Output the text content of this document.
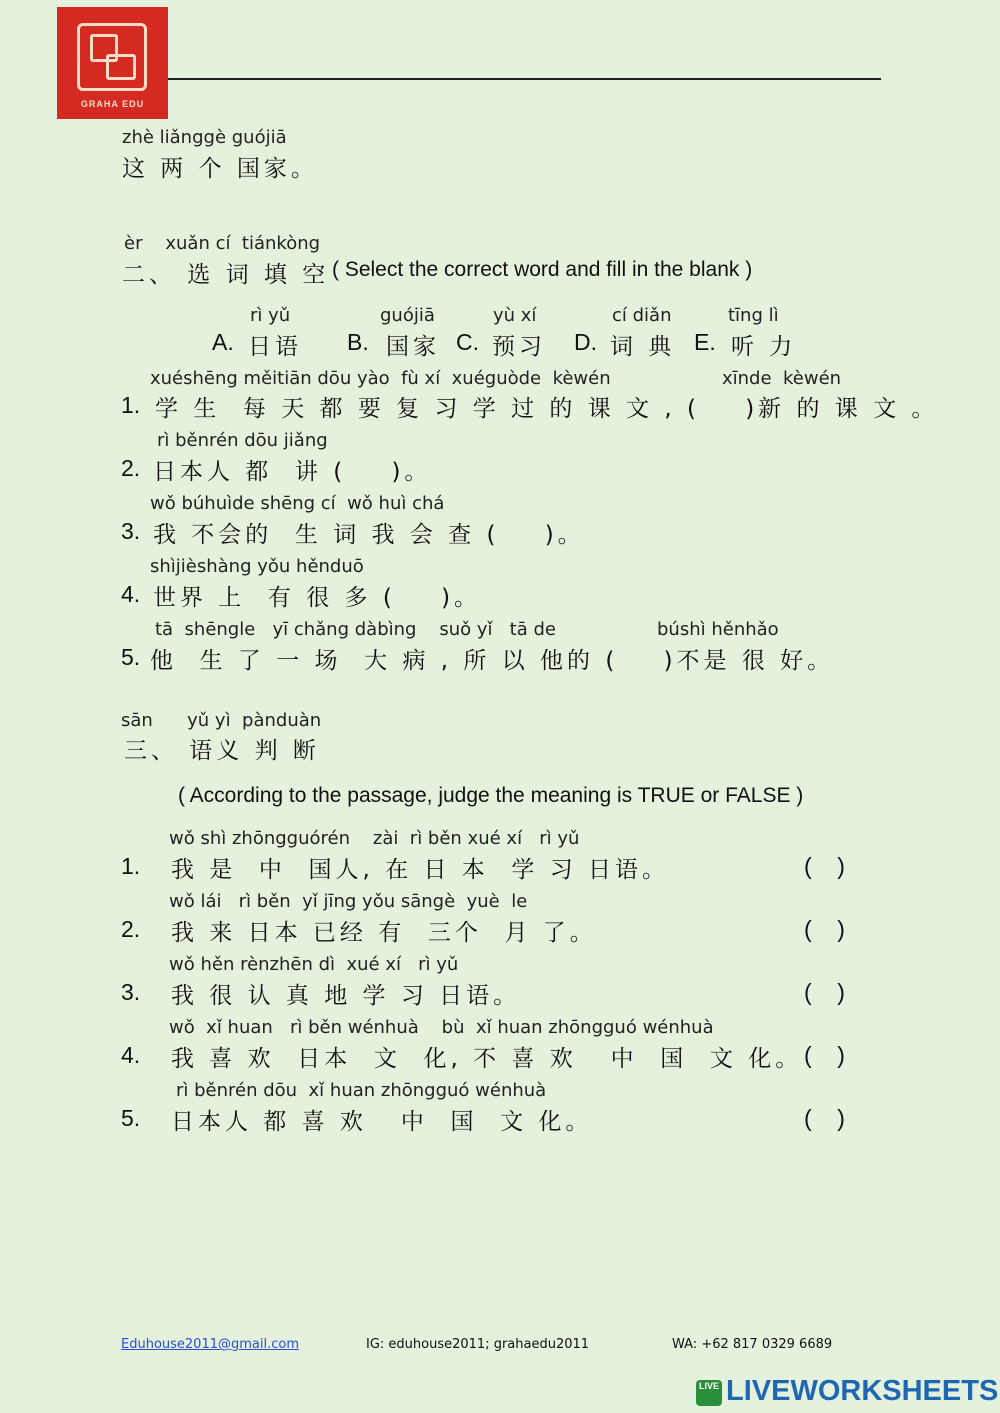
GRAHA EDU
zhè liǎnggè guójiā
这 两 个 国家。
èr    xuǎn cí  tiánkòng
二、 选 词 填 空 ( Select the correct word and fill in the blank )
rì yǔ
A. 日语
guójiā
B. 国家
yù xí
C. 预习
cí diǎn
D. 词 典
tīng lì
E. 听 力
xuéshēng měitiān dōu yào  fù xí  xuéguòde  kèwén	xīnde  kèwén
1. 学 生  每 天 都 要 复 习 学 过 的 课 文 , (    )新 的 课 文 。
rì běnrén dōu jiǎng
2. 日本人 都  讲 (    )。
wǒ búhuìde shēng cí  wǒ huì chá
3. 我 不会的  生 词 我 会 查 (    )。
shìjièshàng yǒu hěnduō
4. 世界 上  有 很 多 (    )。
tā  shēngle   yī chǎng dàbìng    suǒ yǐ   tā de	búshì hěnhǎo
5. 他  生 了 一 场  大 病 , 所 以 他的 (    )不是 很 好。
sān      yǔ yì  pànduàn
三、 语义 判 断
( According to the passage, judge the meaning is TRUE or FALSE )
wǒ shì zhōngguórén    zài  rì běn xué xí   rì yǔ
1. 我 是  中  国人, 在 日 本  学 习 日语。	(    )
wǒ lái   rì běn  yǐ jīng yǒu sāngè  yuè  le
2. 我 来 日本 已经 有  三个  月 了。	(    )
wǒ hěn rènzhēn dì  xué xí   rì yǔ
3. 我 很 认 真 地 学 习 日语。	(    )
wǒ  xǐ huan   rì běn wénhuà    bù  xǐ huan zhōngguó wénhuà
4. 我 喜 欢  日本  文  化, 不 喜 欢   中  国  文 化。 (    )
rì běnrén dōu  xǐ huan zhōngguó wénhuà
5. 日本人 都 喜 欢   中  国  文 化。	(    )
Eduhouse2011@gmail.com	IG: eduhouse2011; grahaedu2011	WA: +62 817 0329 6689
LIVE LIVEWORKSHEETS
